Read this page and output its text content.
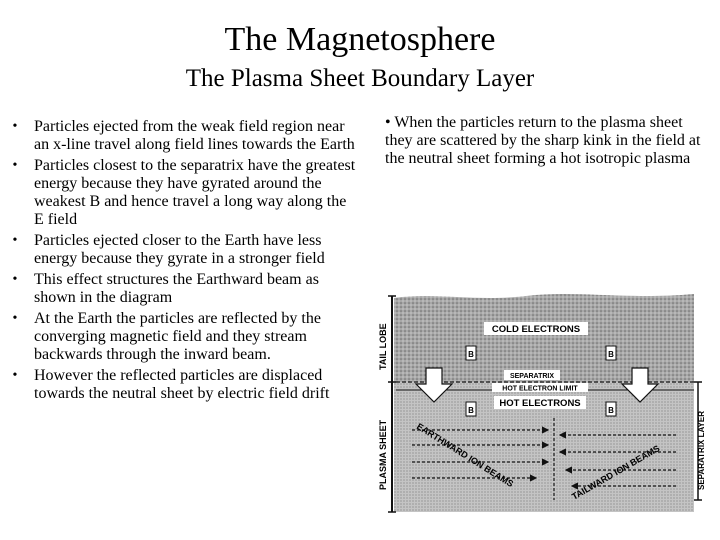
The Magnetosphere
The Plasma Sheet Boundary Layer
• Particles ejected from the weak field region near an x-line travel along field lines towards the Earth
• Particles closest to the separatrix have the greatest energy because they have gyrated around the weakest B and hence travel a long way along the E field
• Particles ejected closer to the Earth have less energy because they gyrate in a stronger field
• This effect structures the Earthward beam as shown in the diagram
• At the Earth the particles are reflected by the converging magnetic field and they stream backwards through the inward beam.
• However the reflected particles are displaced towards the neutral sheet by electric field drift
• When the particles return to the plasma sheet they are scattered by the sharp kink in the field at the neutral sheet forming a hot isotropic plasma
TAIL LOBE
PLASMA SHEET	SEPARATRIX LAYER
COLD ELECTRONS
SEPARATRIX
HOT ELECTRON LIMIT
HOT ELECTRONS
B	B
B	B
EARTHWARD ION BEAMS	TAILWARD ION BEAMS
